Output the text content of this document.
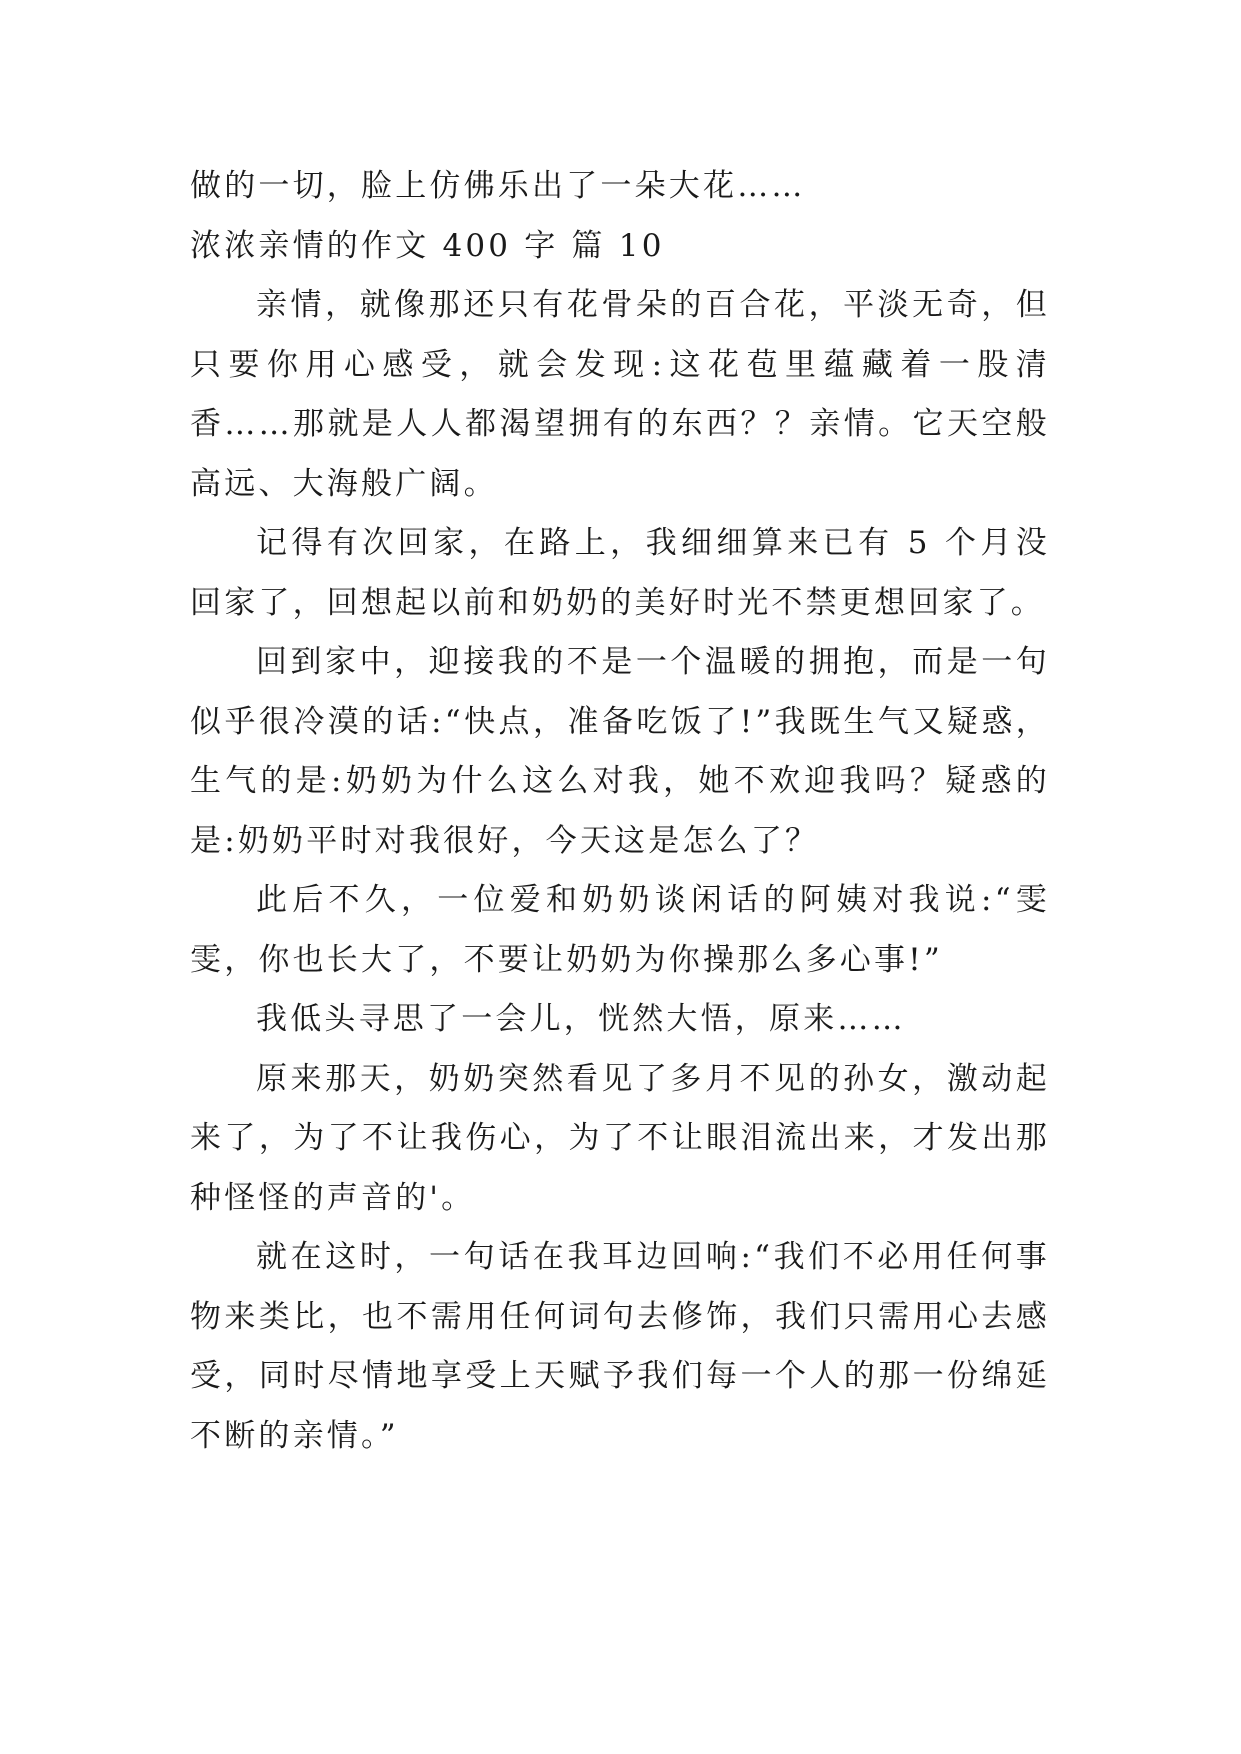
做的一切，脸上仿佛乐出了一朵大花……

浓浓亲情的作文 400 字 篇 10

亲情，就像那还只有花骨朵的百合花，平淡无奇，但只要你用心感受，就会发现:这花苞里蕴藏着一股清香……那就是人人都渴望拥有的东西？？亲情。它天空般高远、大海般广阔。

记得有次回家，在路上，我细细算来已有 5 个月没回家了，回想起以前和奶奶的美好时光不禁更想回家了。

回到家中，迎接我的不是一个温暖的拥抱，而是一句似乎很冷漠的话:“快点，准备吃饭了!”我既生气又疑惑，生气的是:奶奶为什么这么对我，她不欢迎我吗？疑惑的是:奶奶平时对我很好，今天这是怎么了？

此后不久，一位爱和奶奶谈闲话的阿姨对我说:“雯雯，你也长大了，不要让奶奶为你操那么多心事!”

我低头寻思了一会儿，恍然大悟，原来……

原来那天，奶奶突然看见了多月不见的孙女，激动起来了，为了不让我伤心，为了不让眼泪流出来，才发出那种怪怪的声音的'。

就在这时，一句话在我耳边回响:“我们不必用任何事物来类比，也不需用任何词句去修饰，我们只需用心去感受，同时尽情地享受上天赋予我们每一个人的那一份绵延不断的亲情。”
